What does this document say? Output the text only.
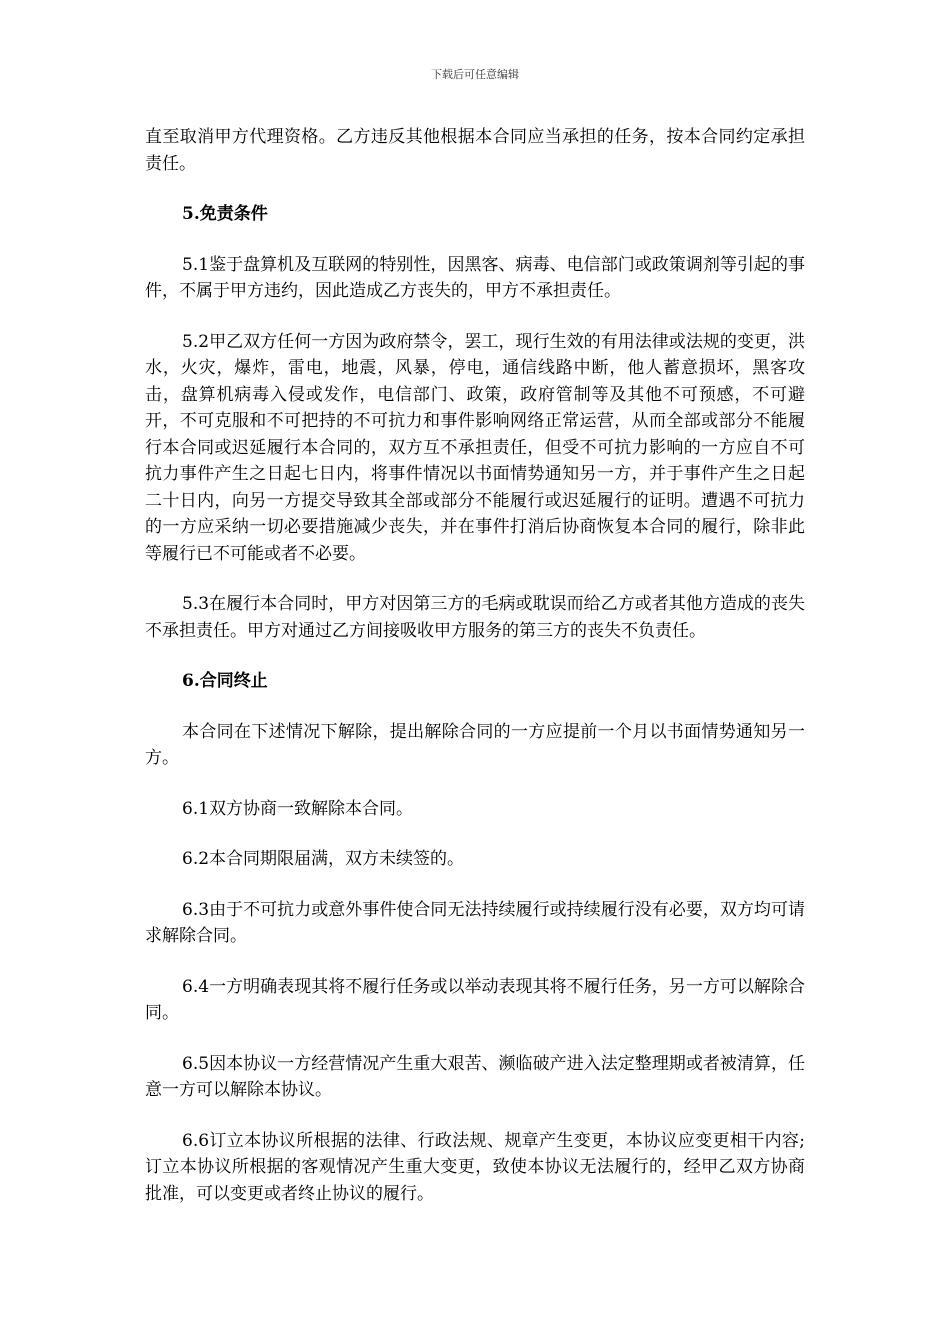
下载后可任意编辑

直至取消甲方代理资格。乙方违反其他根据本合同应当承担的任务，按本合同约定承担责任。

5.免责条件

5.1鉴于盘算机及互联网的特别性，因黑客、病毒、电信部门或政策调剂等引起的事件，不属于甲方违约，因此造成乙方丧失的，甲方不承担责任。

5.2甲乙双方任何一方因为政府禁令，罢工，现行生效的有用法律或法规的变更，洪水，火灾，爆炸，雷电，地震，风暴，停电，通信线路中断，他人蓄意损坏，黑客攻击，盘算机病毒入侵或发作，电信部门、政策，政府管制等及其他不可预感，不可避开，不可克服和不可把持的不可抗力和事件影响网络正常运营，从而全部或部分不能履行本合同或迟延履行本合同的，双方互不承担责任，但受不可抗力影响的一方应自不可抗力事件产生之日起七日内，将事件情况以书面情势通知另一方，并于事件产生之日起二十日内，向另一方提交导致其全部或部分不能履行或迟延履行的证明。遭遇不可抗力的一方应采纳一切必要措施减少丧失，并在事件打消后协商恢复本合同的履行，除非此等履行已不可能或者不必要。

5.3在履行本合同时，甲方对因第三方的毛病或耽误而给乙方或者其他方造成的丧失不承担责任。甲方对通过乙方间接吸收甲方服务的第三方的丧失不负责任。

6.合同终止

本合同在下述情况下解除，提出解除合同的一方应提前一个月以书面情势通知另一方。

6.1双方协商一致解除本合同。

6.2本合同期限届满，双方未续签的。

6.3由于不可抗力或意外事件使合同无法持续履行或持续履行没有必要，双方均可请求解除合同。

6.4一方明确表现其将不履行任务或以举动表现其将不履行任务，另一方可以解除合同。

6.5因本协议一方经营情况产生重大艰苦、濒临破产进入法定整理期或者被清算，任意一方可以解除本协议。

6.6订立本协议所根据的法律、行政法规、规章产生变更，本协议应变更相干内容;订立本协议所根据的客观情况产生重大变更，致使本协议无法履行的，经甲乙双方协商批准，可以变更或者终止协议的履行。
